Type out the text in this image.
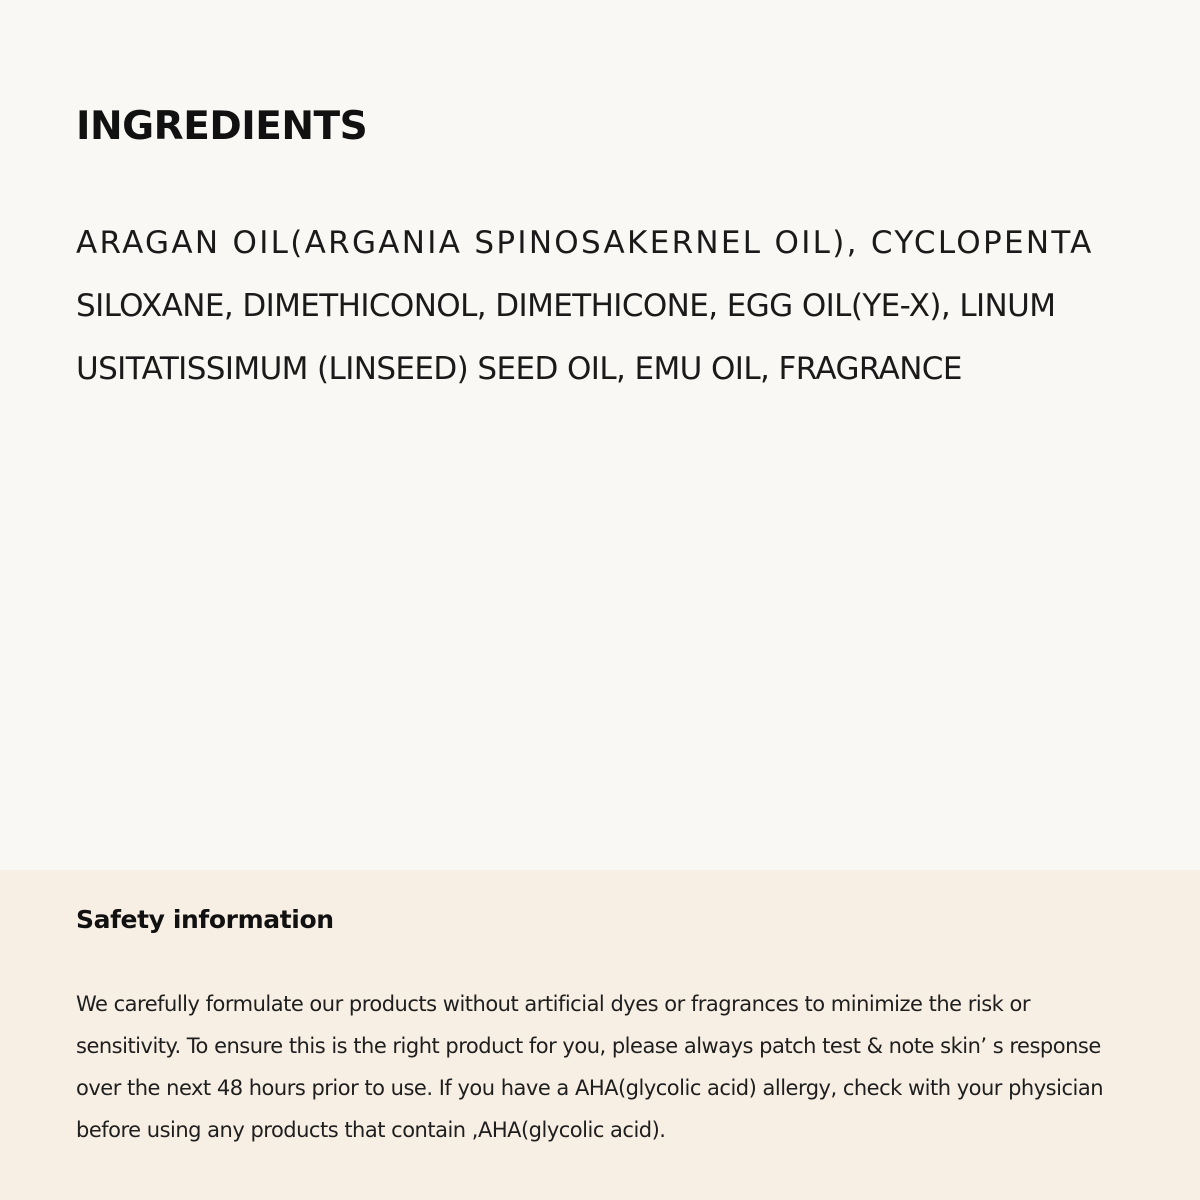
INGREDIENTS

ARAGAN OIL(ARGANIA SPINOSAKERNEL OIL), CYCLOPENTA
SILOXANE, DIMETHICONOL, DIMETHICONE, EGG OIL(YE-X), LINUM
USITATISSIMUM (LINSEED) SEED OIL, EMU OIL, FRAGRANCE

Safety information

We carefully formulate our products without artificial dyes or fragrances to minimize the risk or
sensitivity. To ensure this is the right product for you, please always patch test & note skin’ s response
over the next 48 hours prior to use. If you have a AHA(glycolic acid) allergy, check with your physician
before using any products that contain ,AHA(glycolic acid).
